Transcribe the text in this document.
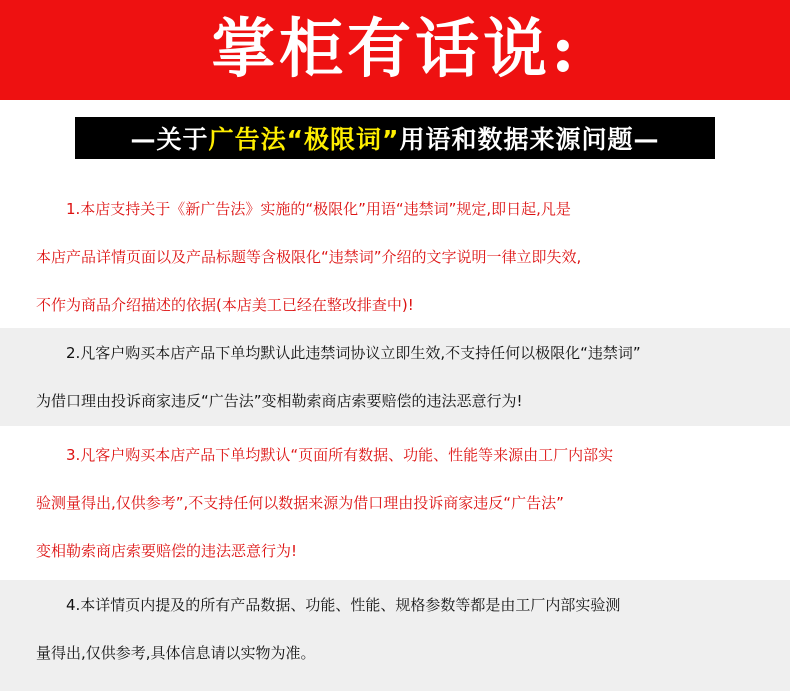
掌柜有话说:
—关于 广告法“极限词” 用语和数据来源问题—
1.本店支持关于《新广告法》实施的“极限化”用语“违禁词”规定,即日起,凡是
本店产品详情页面以及产品标题等含极限化“违禁词”介绍的文字说明一律立即失效,
不作为商品介绍描述的依据(本店美工已经在整改排查中)!
2.凡客户购买本店产品下单均默认此违禁词协议立即生效,不支持任何以极限化“违禁词”
为借口理由投诉商家违反“广告法”变相勒索商店索要赔偿的违法恶意行为!
3.凡客户购买本店产品下单均默认“页面所有数据、功能、性能等来源由工厂内部实
验测量得出,仅供参考”,不支持任何以数据来源为借口理由投诉商家违反“广告法”
变相勒索商店索要赔偿的违法恶意行为!
4.本详情页内提及的所有产品数据、功能、性能、规格参数等都是由工厂内部实验测
量得出,仅供参考,具体信息请以实物为准。
